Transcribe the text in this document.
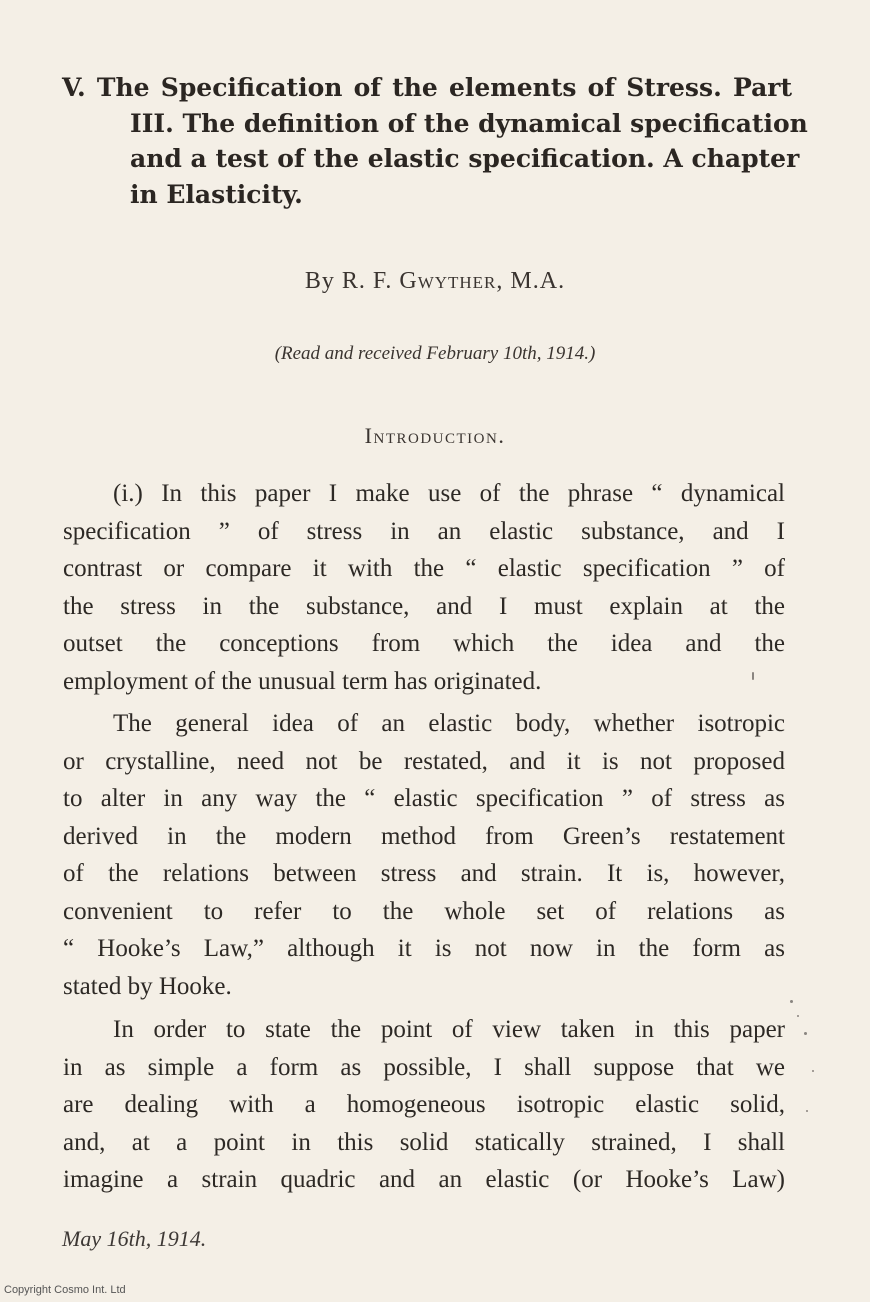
V. The Specification of the elements of Stress. Part
III. The definition of the dynamical specification
and a test of the elastic specification. A chapter
in Elasticity.
By R. F. Gwyther, M.A.
(Read and received February 10th, 1914.)
Introduction.
(i.) In this paper I make use of the phrase “ dynamical
specification ” of stress in an elastic substance, and I
contrast or compare it with the “ elastic specification ” of
the stress in the substance, and I must explain at the
outset the conceptions from which the idea and the
employment of the unusual term has originated.
The general idea of an elastic body, whether isotropic
or crystalline, need not be restated, and it is not proposed
to alter in any way the “ elastic specification ” of stress as
derived in the modern method from Green’s restatement
of the relations between stress and strain. It is, however,
convenient to refer to the whole set of relations as
“ Hooke’s Law,” although it is not now in the form as
stated by Hooke.
In order to state the point of view taken in this paper
in as simple a form as possible, I shall suppose that we
are dealing with a homogeneous isotropic elastic solid,
and, at a point in this solid statically strained, I shall
imagine a strain quadric and an elastic (or Hooke’s Law)
May 16th, 1914.
Copyright Cosmo Int. Ltd
